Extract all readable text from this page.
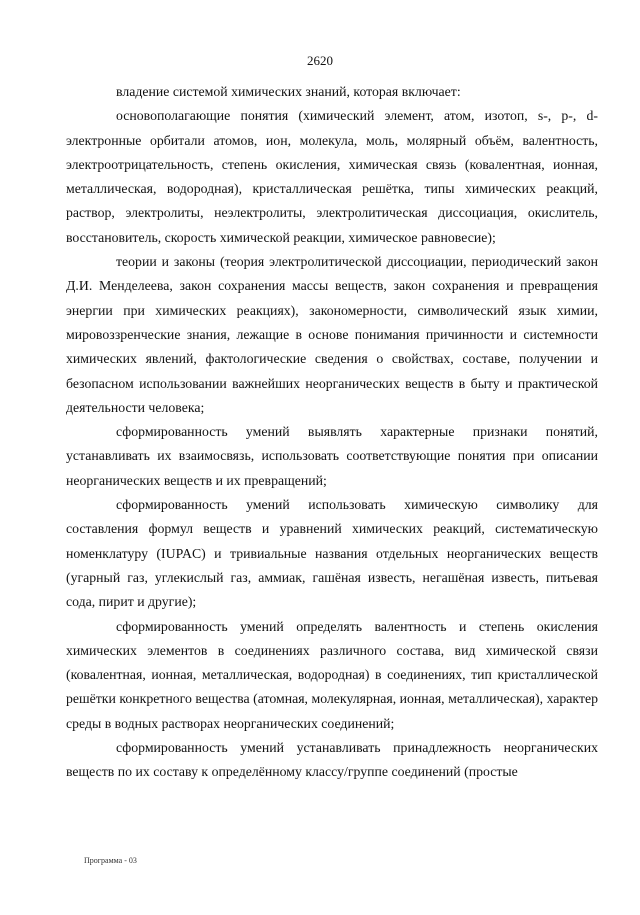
2620

владение системой химических знаний, которая включает:

основополагающие понятия (химический элемент, атом, изотоп, s-, p-, d-электронные орбитали атомов, ион, молекула, моль, молярный объём, валентность, электроотрицательность, степень окисления, химическая связь (ковалентная, ионная, металлическая, водородная), кристаллическая решётка, типы химических реакций, раствор, электролиты, неэлектролиты, электролитическая диссоциация, окислитель, восстановитель, скорость химической реакции, химическое равновесие);

теории и законы (теория электролитической диссоциации, периодический закон Д.И. Менделеева, закон сохранения массы веществ, закон сохранения и превращения энергии при химических реакциях), закономерности, символический язык химии, мировоззренческие знания, лежащие в основе понимания причинности и системности химических явлений, фактологические сведения о свойствах, составе, получении и безопасном использовании важнейших неорганических веществ в быту и практической деятельности человека;

сформированность умений выявлять характерные признаки понятий, устанавливать их взаимосвязь, использовать соответствующие понятия при описании неорганических веществ и их превращений;

сформированность умений использовать химическую символику для составления формул веществ и уравнений химических реакций, систематическую номенклатуру (IUPAC) и тривиальные названия отдельных неорганических веществ (угарный газ, углекислый газ, аммиак, гашёная известь, негашёная известь, питьевая сода, пирит и другие);

сформированность умений определять валентность и степень окисления химических элементов в соединениях различного состава, вид химической связи (ковалентная, ионная, металлическая, водородная) в соединениях, тип кристаллической решётки конкретного вещества (атомная, молекулярная, ионная, металлическая), характер среды в водных растворах неорганических соединений;

сформированность умений устанавливать принадлежность неорганических веществ по их составу к определённому классу/группе соединений (простые

Программа - 03
